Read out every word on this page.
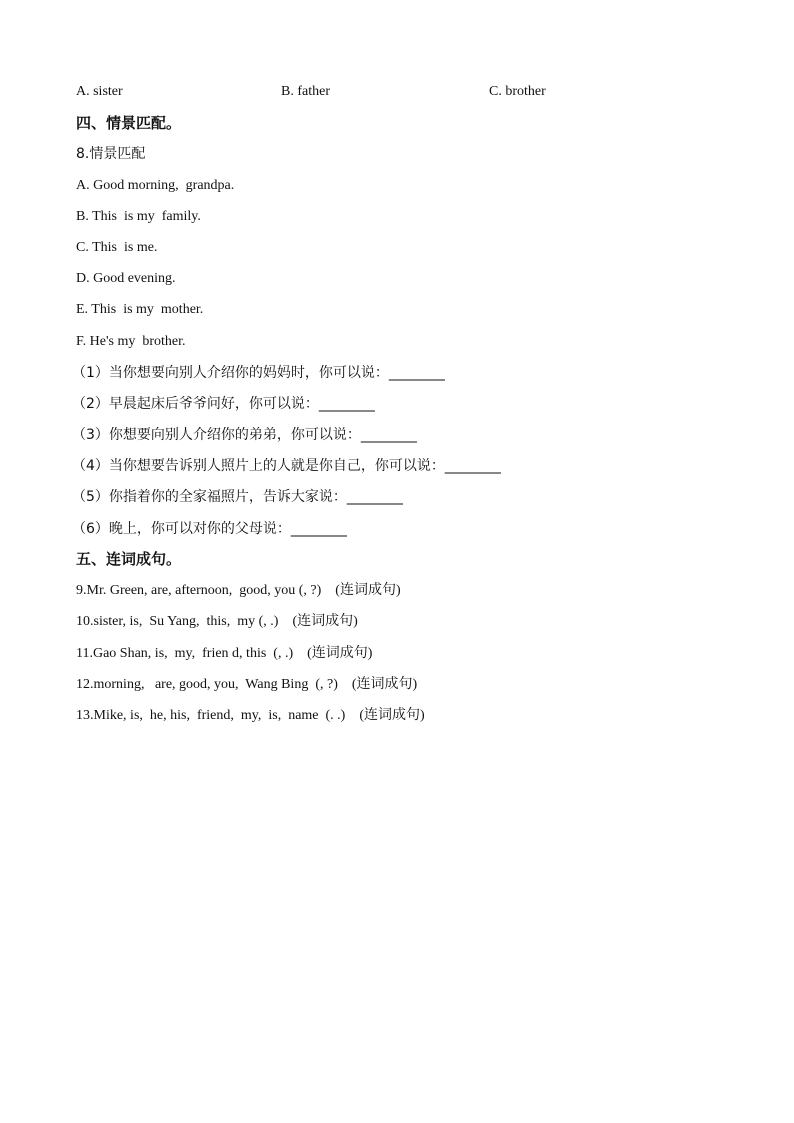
A. sister	B. father	C. brother
四、情景匹配。
8.情景匹配
A. Good morning,  grandpa.
B. This  is my  family.
C. This  is me.
D. Good evening.
E. This  is my  mother.
F. He's my  brother.
（1）当你想要向别人介绍你的妈妈时，你可以说：________
（2）早晨起床后爷爷问好，你可以说：________
（3）你想要向别人介绍你的弟弟，你可以说：________
（4）当你想要告诉别人照片上的人就是你自己，你可以说：________
（5）你指着你的全家福照片，告诉大家说：________
（6）晚上，你可以对你的父母说：________
五、连词成句。
9.Mr. Green, are, afternoon,  good, you (, ?)    (连词成句)
10.sister, is,  Su Yang,  this,  my (, .)    (连词成句)
11.Gao Shan, is,  my,  frien d, this  (, .)    (连词成句)
12.morning,   are, good, you,  Wang Bing  (, ?)    (连词成句)
13.Mike, is,  he, his,  friend,  my,  is,  name  (. .)    (连词成句)
